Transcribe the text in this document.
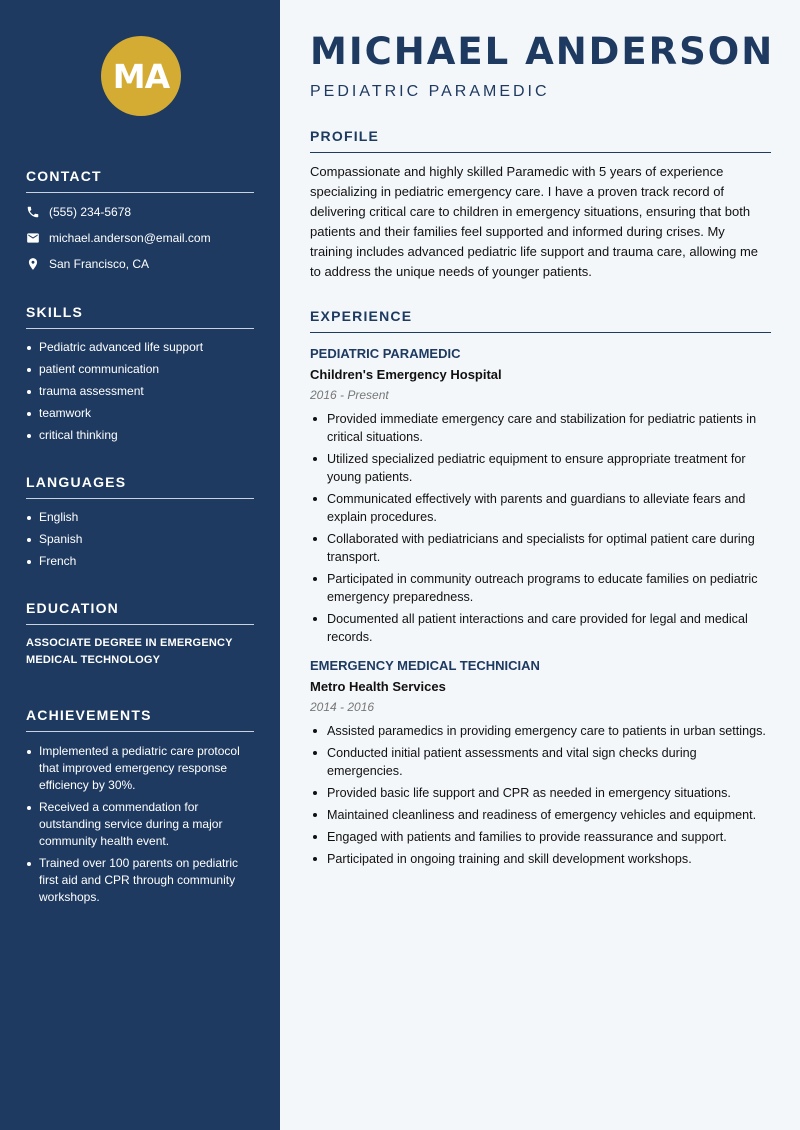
MA
CONTACT
(555) 234-5678
michael.anderson@email.com
San Francisco, CA
SKILLS
Pediatric advanced life support
patient communication
trauma assessment
teamwork
critical thinking
LANGUAGES
English
Spanish
French
EDUCATION
ASSOCIATE DEGREE IN EMERGENCY MEDICAL TECHNOLOGY
ACHIEVEMENTS
Implemented a pediatric care protocol that improved emergency response efficiency by 30%.
Received a commendation for outstanding service during a major community health event.
Trained over 100 parents on pediatric first aid and CPR through community workshops.
MICHAEL ANDERSON
PEDIATRIC PARAMEDIC
PROFILE
Compassionate and highly skilled Paramedic with 5 years of experience specializing in pediatric emergency care. I have a proven track record of delivering critical care to children in emergency situations, ensuring that both patients and their families feel supported and informed during crises. My training includes advanced pediatric life support and trauma care, allowing me to address the unique needs of younger patients.
EXPERIENCE
PEDIATRIC PARAMEDIC
Children's Emergency Hospital
2016 - Present
Provided immediate emergency care and stabilization for pediatric patients in critical situations.
Utilized specialized pediatric equipment to ensure appropriate treatment for young patients.
Communicated effectively with parents and guardians to alleviate fears and explain procedures.
Collaborated with pediatricians and specialists for optimal patient care during transport.
Participated in community outreach programs to educate families on pediatric emergency preparedness.
Documented all patient interactions and care provided for legal and medical records.
EMERGENCY MEDICAL TECHNICIAN
Metro Health Services
2014 - 2016
Assisted paramedics in providing emergency care to patients in urban settings.
Conducted initial patient assessments and vital sign checks during emergencies.
Provided basic life support and CPR as needed in emergency situations.
Maintained cleanliness and readiness of emergency vehicles and equipment.
Engaged with patients and families to provide reassurance and support.
Participated in ongoing training and skill development workshops.
